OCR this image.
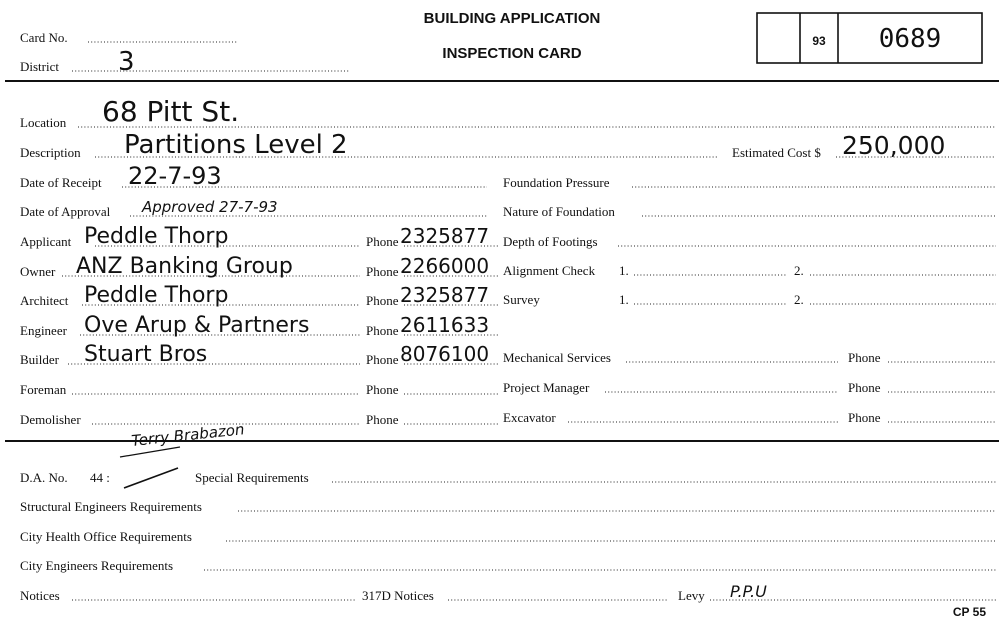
Card No.
District 3
BUILDING APPLICATION
INSPECTION CARD
93 0689
Location 68 Pitt St.
Description Partitions Level 2	Estimated Cost $ 250,000
Date of Receipt 22-7-93	Foundation Pressure
Date of Approval Approved 27-7-93	Nature of Foundation
Applicant Peddle Thorp	Phone 2325877
Owner ANZ Banking Group	Phone 2266000
Architect Peddle Thorp	Phone 2325877
Engineer Ove Arup & Partners	Phone 2611633
Builder Stuart Bros	Phone 8076100
Foreman	Phone
Demolisher	Phone
Depth of Footings
Alignment Check 1.	2.
Survey	1.	2.
Mechanical Services	Phone
Project Manager	Phone
Excavator	Phone
Terry Brabazon
D.A. No. 44 :	Special Requirements
Structural Engineers Requirements
City Health Office Requirements
City Engineers Requirements
Notices	317D Notices	Levy P.P.U
CP 55
